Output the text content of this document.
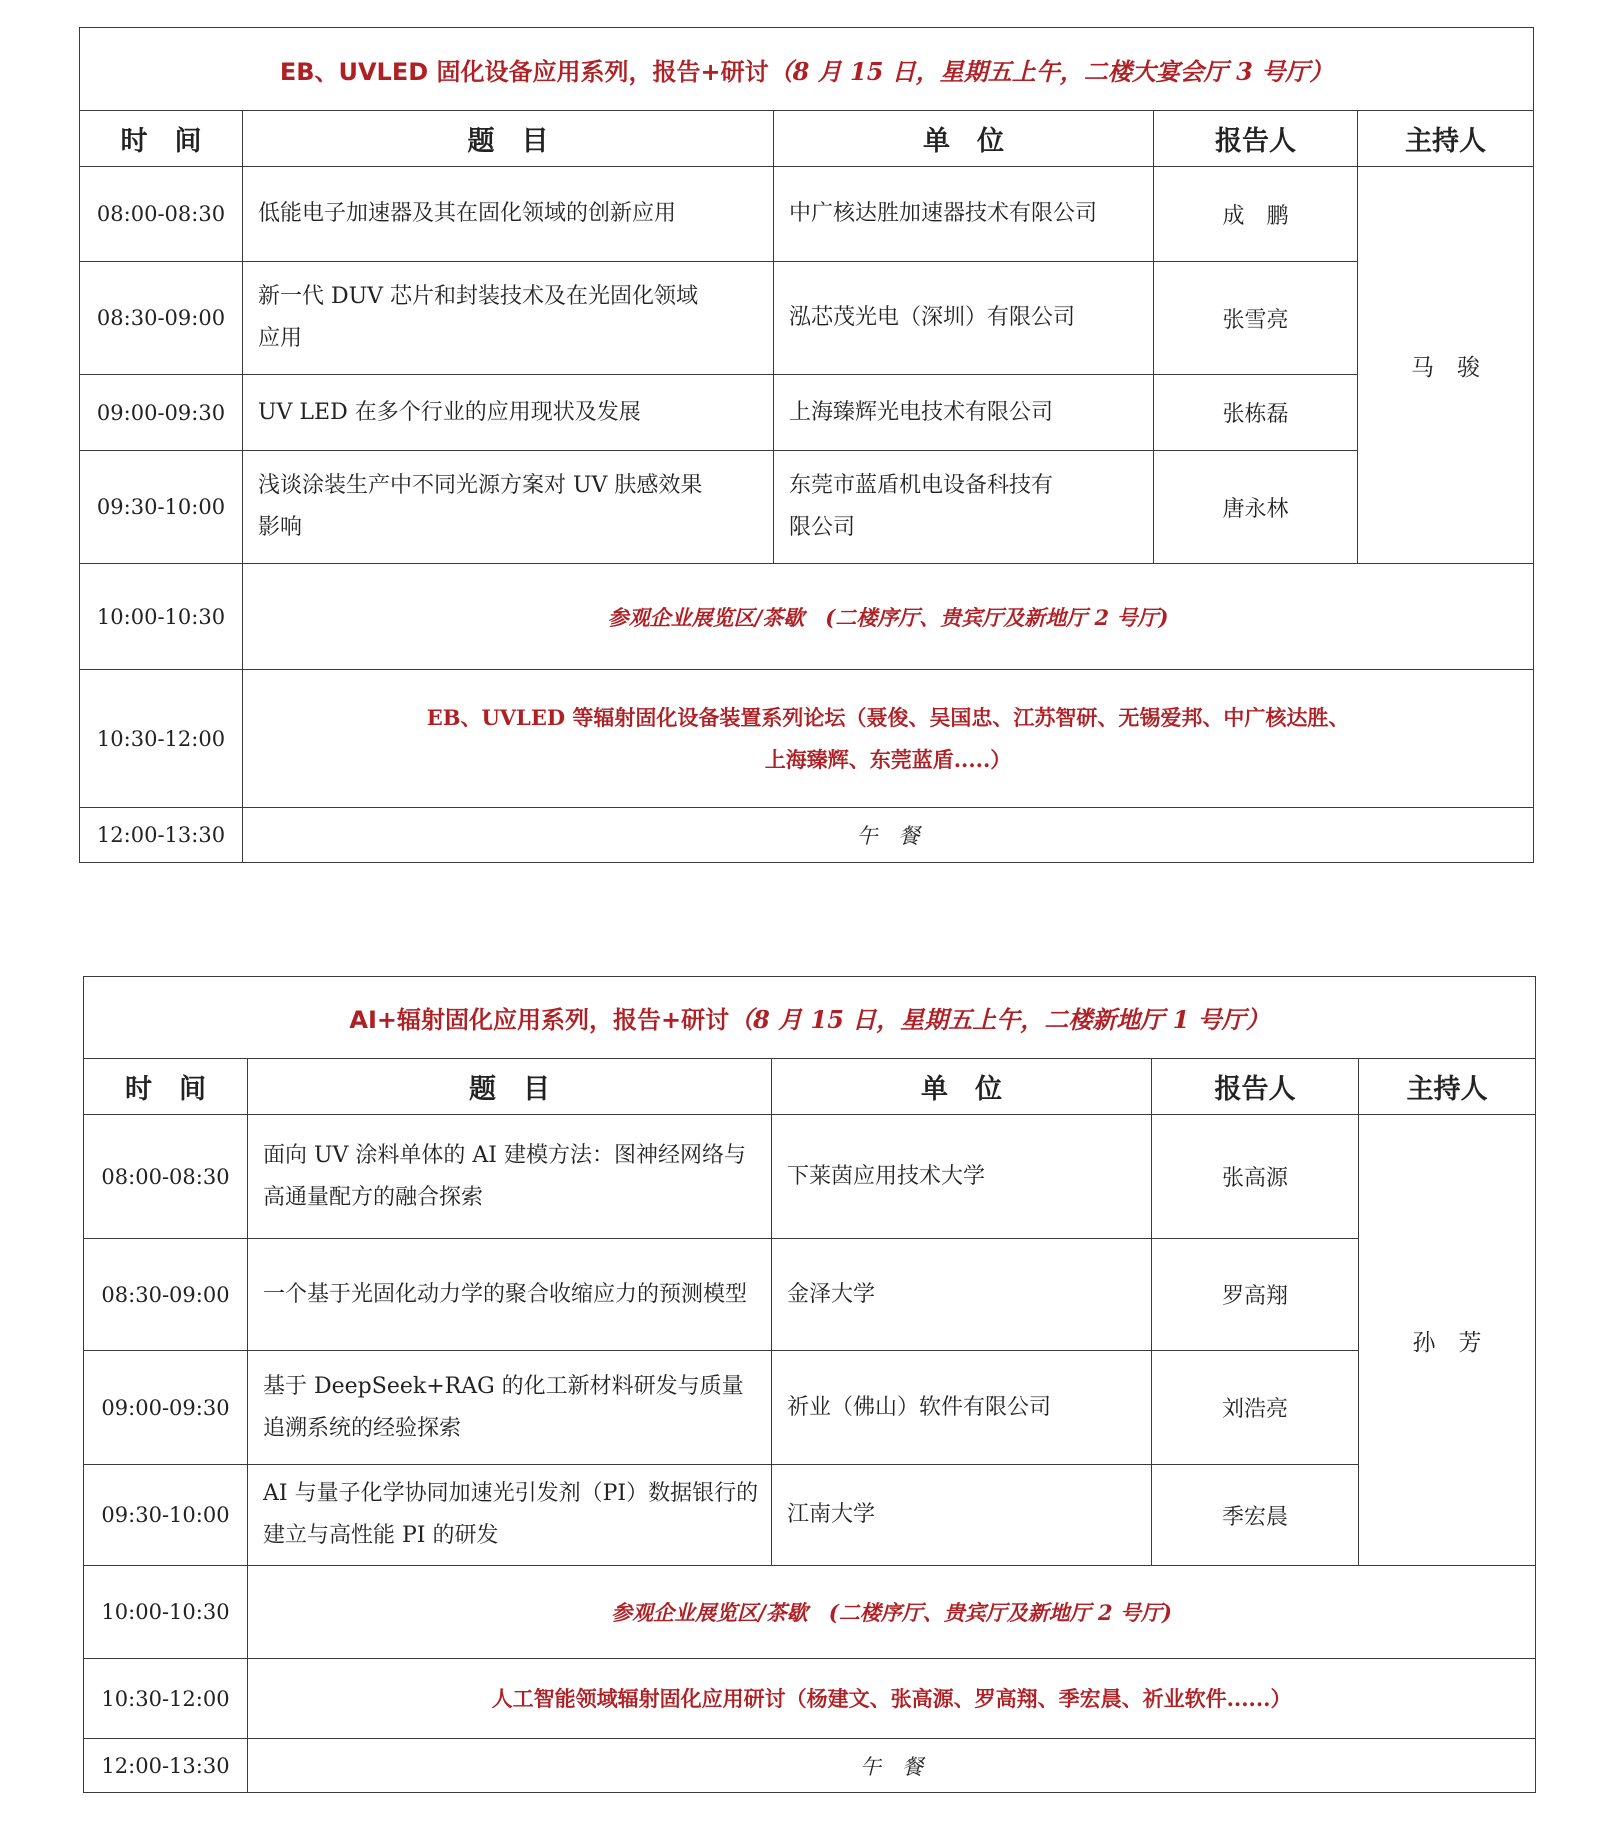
EB、UVLED 固化设备应用系列，报告+研讨（8 月 15 日，星期五上午，二楼大宴会厅 3 号厅）				
时　间	题　目	单　位	报告人	主持人
08:00-08:30	低能电子加速器及其在固化领域的创新应用	中广核达胜加速器技术有限公司	成　鹏	马　骏
08:30-09:00	新一代 DUV 芯片和封装技术及在光固化领域应用	泓芯茂光电（深圳）有限公司	张雪亮	
09:00-09:30	UV LED 在多个行业的应用现状及发展	上海臻辉光电技术有限公司	张栋磊	
09:30-10:00	浅谈涂装生产中不同光源方案对 UV 肤感效果影响	东莞市蓝盾机电设备科技有限公司	唐永林	
10:00-10:30	参观企业展览区/茶歇　(二楼序厅、贵宾厅及新地厅 2 号厅)			
10:30-12:00	EB、UVLED 等辐射固化设备装置系列论坛（聂俊、吴国忠、江苏智研、无锡爱邦、中广核达胜、
上海臻辉、东莞蓝盾.....）			

12:00-13:30	午　餐			
AI+辐射固化应用系列，报告+研讨（8 月 15 日，星期五上午，二楼新地厅 1 号厅）				
时　间	题　目	单　位	报告人	主持人
08:00-08:30	面向 UV 涂料单体的 AI 建模方法：图神经网络与高通量配方的融合探索	下莱茵应用技术大学	张高源	孙　芳
08:30-09:00	一个基于光固化动力学的聚合收缩应力的预测模型	金泽大学	罗高翔	
09:00-09:30	基于 DeepSeek+RAG 的化工新材料研发与质量追溯系统的经验探索	祈业（佛山）软件有限公司	刘浩亮	
09:30-10:00	AI 与量子化学协同加速光引发剂（PI）数据银行的建立与高性能 PI 的研发	江南大学	季宏晨	
10:00-10:30	参观企业展览区/茶歇　(二楼序厅、贵宾厅及新地厅 2 号厅)			
10:30-12:00	人工智能领域辐射固化应用研讨（杨建文、张高源、罗高翔、季宏晨、祈业软件......）			
12:00-13:30	午　餐			
